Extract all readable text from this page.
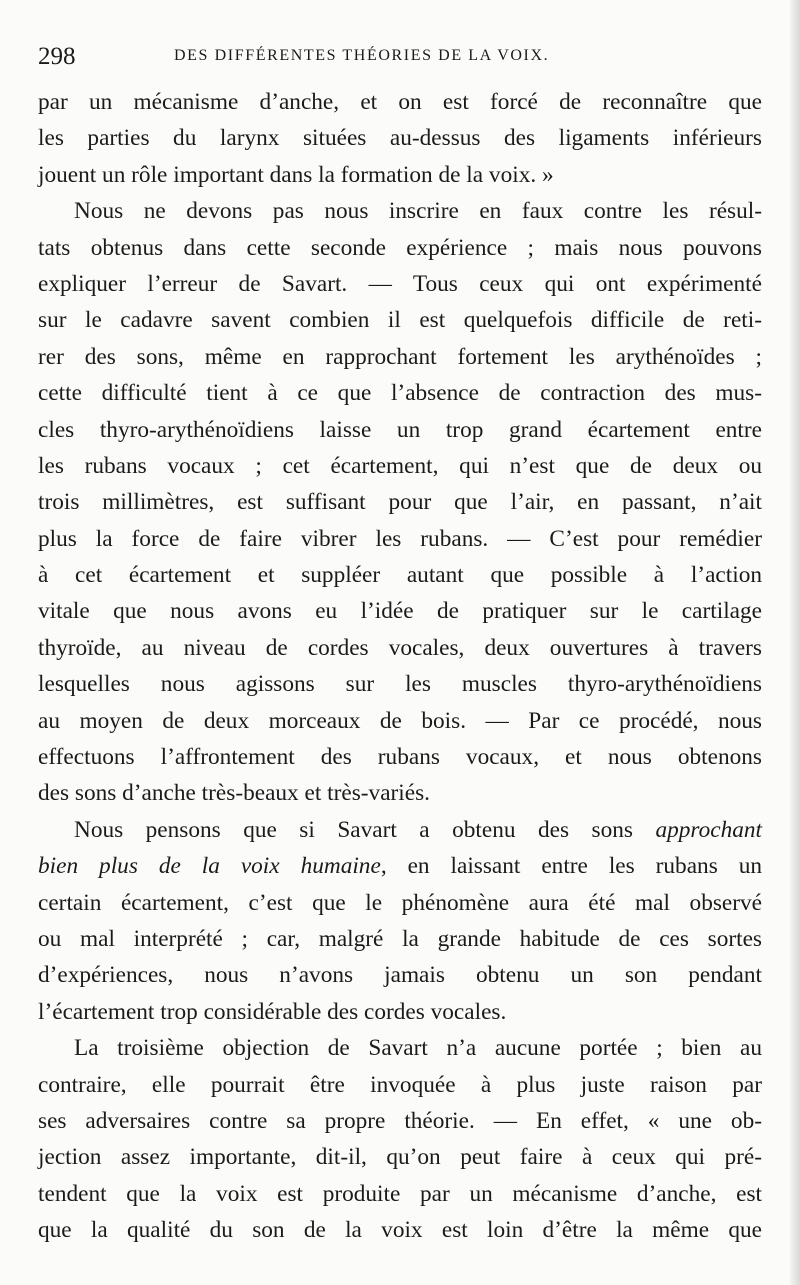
298	DES DIFFÉRENTES THÉORIES DE LA VOIX.
par un mécanisme d’anche, et on est forcé de reconnaître que
les parties du larynx situées au-dessus des ligaments inférieurs
jouent un rôle important dans la formation de la voix. »
Nous ne devons pas nous inscrire en faux contre les résul-
tats obtenus dans cette seconde expérience ; mais nous pouvons
expliquer l’erreur de Savart. — Tous ceux qui ont expérimenté
sur le cadavre savent combien il est quelquefois difficile de reti-
rer des sons, même en rapprochant fortement les arythénoïdes ;
cette difficulté tient à ce que l’absence de contraction des mus-
cles thyro-arythénoïdiens laisse un trop grand écartement entre
les rubans vocaux ; cet écartement, qui n’est que de deux ou
trois millimètres, est suffisant pour que l’air, en passant, n’ait
plus la force de faire vibrer les rubans. — C’est pour remédier
à cet écartement et suppléer autant que possible à l’action
vitale que nous avons eu l’idée de pratiquer sur le cartilage
thyroïde, au niveau de cordes vocales, deux ouvertures à travers
lesquelles nous agissons sur les muscles thyro-arythénoïdiens
au moyen de deux morceaux de bois. — Par ce procédé, nous
effectuons l’affrontement des rubans vocaux, et nous obtenons
des sons d’anche très-beaux et très-variés.
Nous pensons que si Savart a obtenu des sons approchant
bien plus de la voix humaine, en laissant entre les rubans un
certain écartement, c’est que le phénomène aura été mal observé
ou mal interprété ; car, malgré la grande habitude de ces sortes
d’expériences, nous n’avons jamais obtenu un son pendant
l’écartement trop considérable des cordes vocales.
La troisième objection de Savart n’a aucune portée ; bien au
contraire, elle pourrait être invoquée à plus juste raison par
ses adversaires contre sa propre théorie. — En effet, « une ob-
jection assez importante, dit-il, qu’on peut faire à ceux qui pré-
tendent que la voix est produite par un mécanisme d’anche, est
que la qualité du son de la voix est loin d’être la même que
